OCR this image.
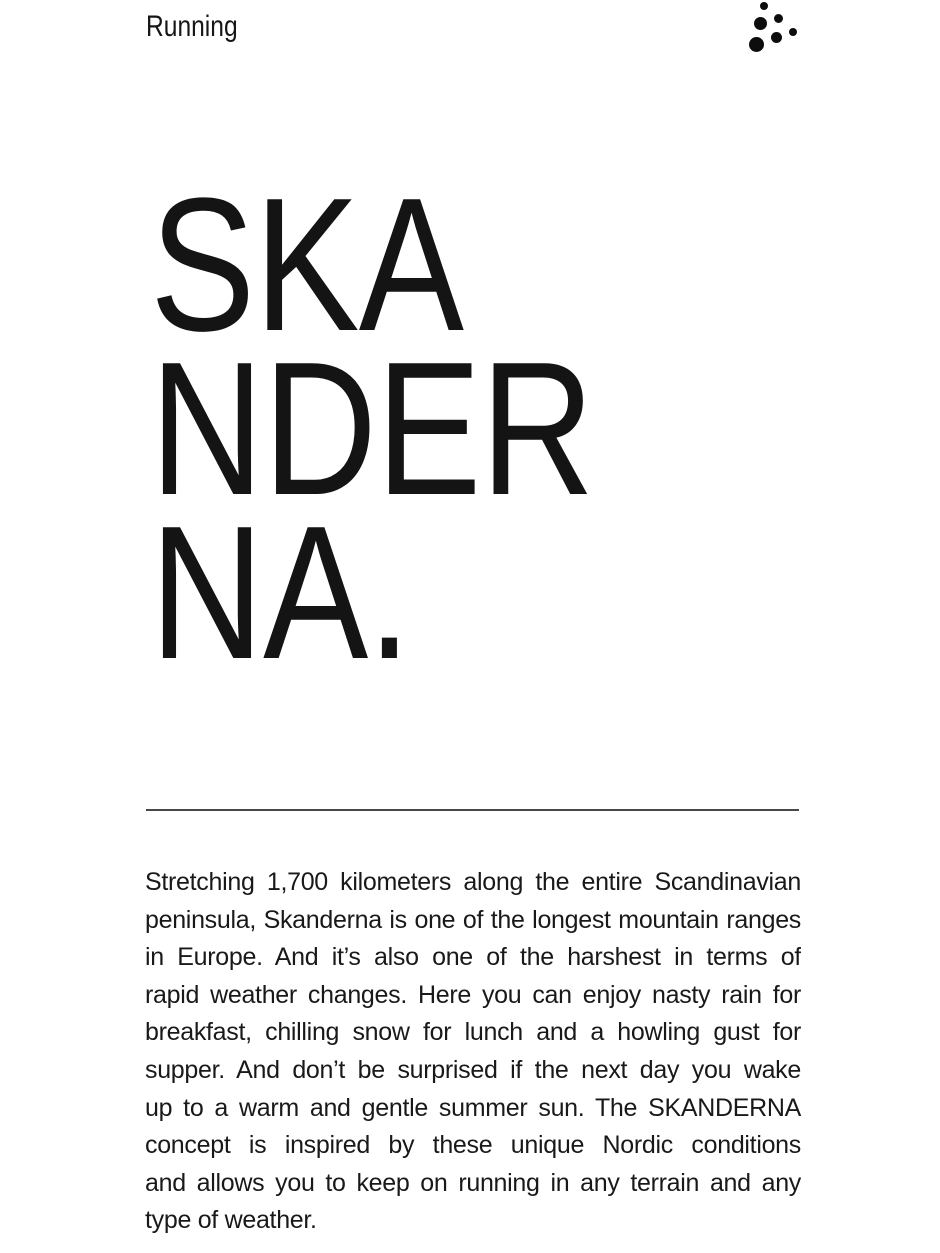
Running
SKA
NDER
NA.
Stretching 1,700 kilometers along the entire Scandinavian
peninsula, Skanderna is one of the longest mountain ranges
in Europe. And it’s also one of the harshest in terms of
rapid weather changes. Here you can enjoy nasty rain for
breakfast, chilling snow for lunch and a howling gust for
supper. And don’t be surprised if the next day you wake
up to a warm and gentle summer sun. The SKANDERNA
concept is inspired by these unique Nordic conditions
and allows you to keep on running in any terrain and any
type of weather.
